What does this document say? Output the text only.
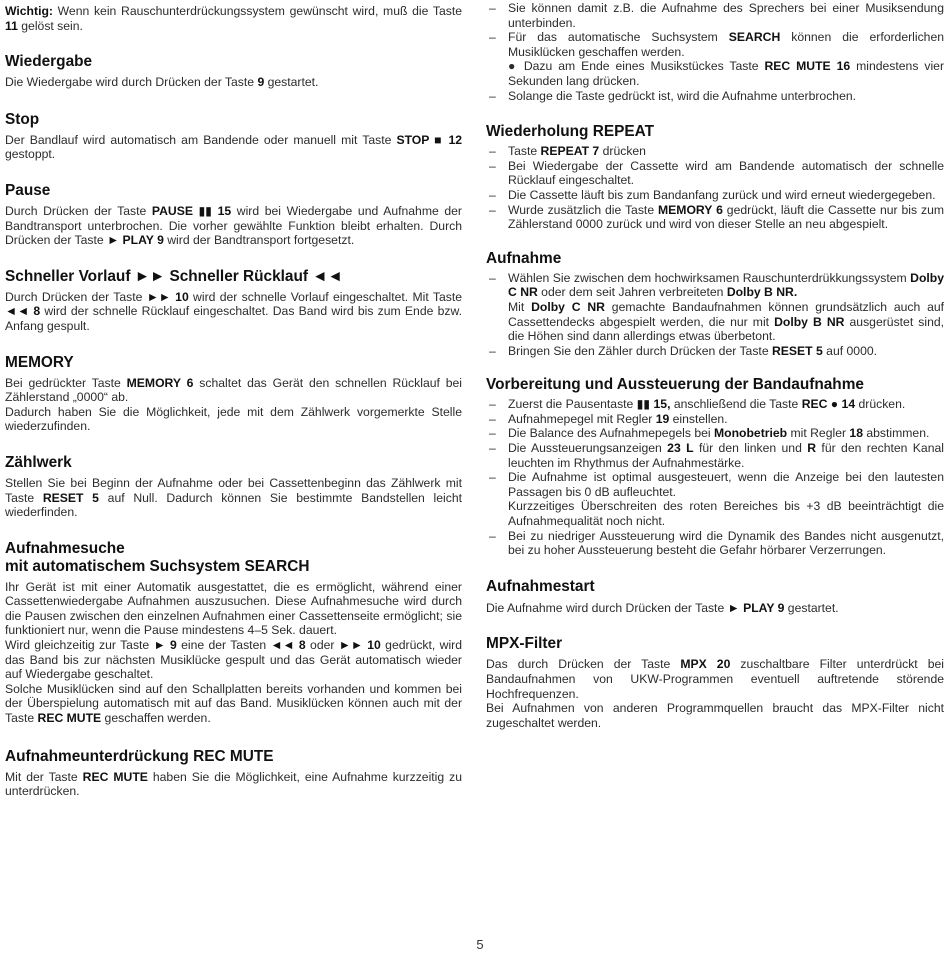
Wichtig: Wenn kein Rauschunterdrückungssystem gewünscht wird, muß die Taste 11 gelöst sein.

Wiedergabe

Die Wiedergabe wird durch Drücken der Taste 9 gestartet.

Stop

Der Bandlauf wird automatisch am Bandende oder manuell mit Taste STOP ■ 12 gestoppt.

Pause

Durch Drücken der Taste PAUSE ▮▮ 15 wird bei Wiedergabe und Aufnahme der Bandtransport unterbrochen. Die vorher gewählte Funktion bleibt erhalten. Durch Drücken der Taste ► PLAY 9 wird der Bandtransport fortgesetzt.

Schneller Vorlauf ►► Schneller Rücklauf ◄◄

Durch Drücken der Taste ►► 10 wird der schnelle Vorlauf eingeschaltet. Mit Taste ◄◄ 8 wird der schnelle Rücklauf eingeschaltet. Das Band wird bis zum Ende bzw. Anfang gespult.

MEMORY

Bei gedrückter Taste MEMORY 6 schaltet das Gerät den schnellen Rücklauf bei Zählerstand „0000“ ab.
Dadurch haben Sie die Möglichkeit, jede mit dem Zählwerk vorgemerkte Stelle wiederzufinden.

Zählwerk

Stellen Sie bei Beginn der Aufnahme oder bei Cassettenbeginn das Zählwerk mit Taste RESET 5 auf Null. Dadurch können Sie bestimmte Bandstellen leicht wiederfinden.

Aufnahmesuche
mit automatischem Suchsystem SEARCH

Ihr Gerät ist mit einer Automatik ausgestattet, die es ermöglicht, während einer Cassettenwiedergabe Aufnahmen auszusuchen. Diese Aufnahmesuche wird durch die Pausen zwischen den einzelnen Aufnahmen einer Cassettenseite ermöglicht; sie funktioniert nur, wenn die Pause mindestens 4–5 Sek. dauert.
Wird gleichzeitig zur Taste ► 9 eine der Tasten ◄◄ 8 oder ►► 10 gedrückt, wird das Band bis zur nächsten Musiklücke gespult und das Gerät automatisch wieder auf Wiedergabe geschaltet.
Solche Musiklücken sind auf den Schallplatten bereits vorhanden und kommen bei der Überspielung automatisch mit auf das Band. Musiklücken können auch mit der Taste REC MUTE geschaffen werden.

Aufnahmeunterdrückung REC MUTE

Mit der Taste REC MUTE haben Sie die Möglichkeit, eine Aufnahme kurzzeitig zu unterdrücken.

– Sie können damit z.B. die Aufnahme des Sprechers bei einer Musiksendung unterbinden.
– Für das automatische Suchsystem SEARCH können die erforderlichen Musiklücken geschaffen werden.
● Dazu am Ende eines Musikstückes Taste REC MUTE 16 mindestens vier Sekunden lang drücken.
– Solange die Taste gedrückt ist, wird die Aufnahme unterbrochen.
Wiederholung REPEAT
– Taste REPEAT 7 drücken
– Bei Wiedergabe der Cassette wird am Bandende automatisch der schnelle Rücklauf eingeschaltet.
– Die Cassette läuft bis zum Bandanfang zurück und wird erneut wiedergegeben.
– Wurde zusätzlich die Taste MEMORY 6 gedrückt, läuft die Cassette nur bis zum Zählerstand 0000 zurück und wird von dieser Stelle an neu abgespielt.
Aufnahme
– Wählen Sie zwischen dem hochwirksamen Rauschunterdrükkungssystem Dolby C NR oder dem seit Jahren verbreiteten Dolby B NR.
Mit Dolby C NR gemachte Bandaufnahmen können grundsätzlich auch auf Cassettendecks abgespielt werden, die nur mit Dolby B NR ausgerüstet sind, die Höhen sind dann allerdings etwas überbetont.
– Bringen Sie den Zähler durch Drücken der Taste RESET 5 auf 0000.
Vorbereitung und Aussteuerung der Bandaufnahme
– Zuerst die Pausentaste ▮▮ 15, anschließend die Taste REC ● 14 drücken.
– Aufnahmepegel mit Regler 19 einstellen.
– Die Balance des Aufnahmepegels bei Monobetrieb mit Regler 18 abstimmen.
– Die Aussteuerungsanzeigen 23 L für den linken und R für den rechten Kanal leuchten im Rhythmus der Aufnahmestärke.
– Die Aufnahme ist optimal ausgesteuert, wenn die Anzeige bei den lautesten Passagen bis 0 dB aufleuchtet.
Kurzzeitiges Überschreiten des roten Bereiches bis +3 dB beeinträchtigt die Aufnahmequalität noch nicht.
– Bei zu niedriger Aussteuerung wird die Dynamik des Bandes nicht ausgenutzt, bei zu hoher Aussteuerung besteht die Gefahr hörbarer Verzerrungen.
Aufnahmestart

Die Aufnahme wird durch Drücken der Taste ► PLAY 9 gestartet.

MPX-Filter

Das durch Drücken der Taste MPX 20 zuschaltbare Filter unterdrückt bei Bandaufnahmen von UKW-Programmen eventuell auftretende störende Hochfrequenzen.
Bei Aufnahmen von anderen Programmquellen braucht das MPX-Filter nicht zugeschaltet werden.

5
